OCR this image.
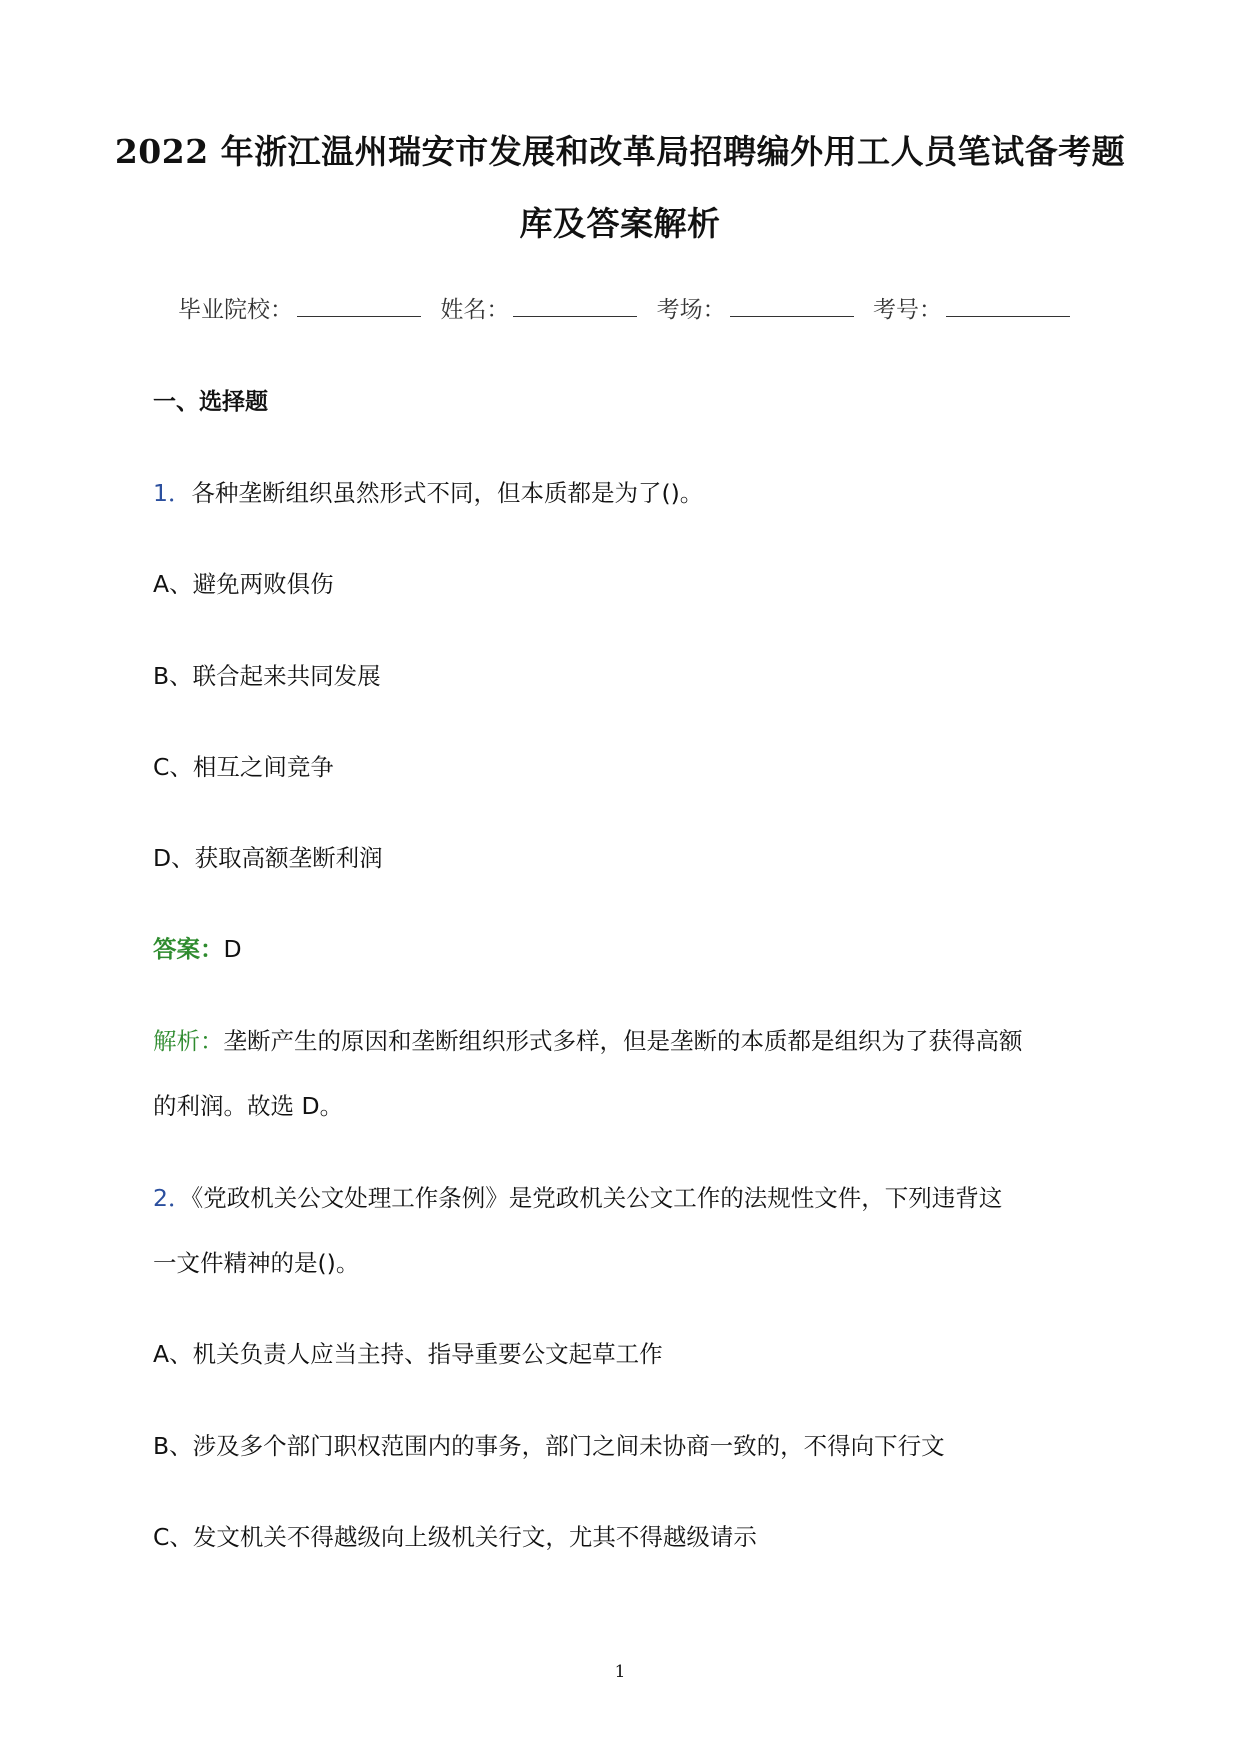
2022 年浙江温州瑞安市发展和改革局招聘编外用工人员笔试备考题
库及答案解析
毕业院校：	姓名：	考场：	考号：
一、选择题
1．各种垄断组织虽然形式不同，但本质都是为了()。
A、避免两败俱伤
B、联合起来共同发展
C、相互之间竞争
D、获取高额垄断利润
答案：D
解析：垄断产生的原因和垄断组织形式多样，但是垄断的本质都是组织为了获得高额
的利润。故选 D。
2．《党政机关公文处理工作条例》是党政机关公文工作的法规性文件，下列违背这
一文件精神的是()。
A、机关负责人应当主持、指导重要公文起草工作
B、涉及多个部门职权范围内的事务，部门之间未协商一致的，不得向下行文
C、发文机关不得越级向上级机关行文，尤其不得越级请示
1
